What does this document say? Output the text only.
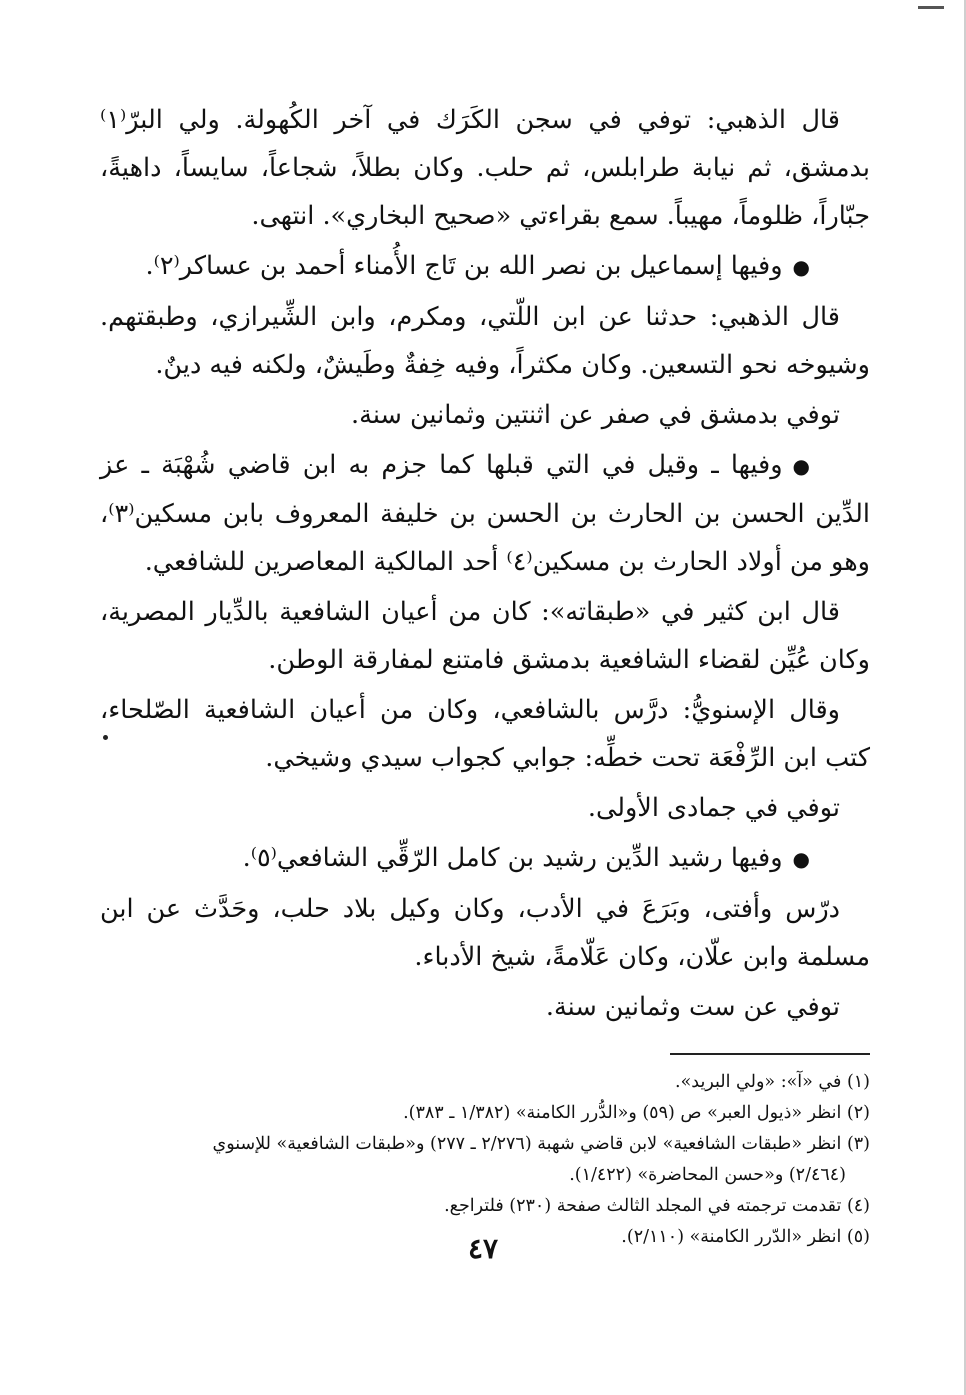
قال الذهبي: توفي في سجن الكَرَك في آخر الكُهولة. ولي البرّ⁽١⁾ بدمشق، ثم نيابة طرابلس، ثم حلب. وكان بطلاً، شجاعاً، سايساً، داهيةً، جبّاراً، ظلوماً، مهيباً. سمع بقراءتي «صحيح البخاري». انتهى.

●وفيها إسماعيل بن نصر الله بن تَاج الأُمناء أحمد بن عساكر⁽٢⁾.

قال الذهبي: حدثنا عن ابن اللّتي، ومكرم، وابن الشِّيرازي، وطبقتهم. وشيوخه نحو التسعين. وكان مكثراً، وفيه خِفةٌ وطَيشٌ، ولكنه فيه دينٌ.

توفي بدمشق في صفر عن اثنتين وثمانين سنة.

●وفيها ـ وقيل في التي قبلها كما جزم به ابن قاضي شُهْبَة ـ عز الدِّين الحسن بن الحارث بن الحسن بن خليفة المعروف بابن مسكين⁽٣⁾، وهو من أولاد الحارث بن مسكين⁽٤⁾ أحد المالكية المعاصرين للشافعي.

قال ابن كثير في «طبقاته»: كان من أعيان الشافعية بالدِّيار المصرية، وكان عُيِّن لقضاء الشافعية بدمشق فامتنع لمفارقة الوطن.

وقال الإسنويُّ: درَّس بالشافعي، وكان من أعيان الشافعية الصّلحاء، كتب ابن الرِّفْعَة تحت خطِّه: جوابي كجواب سيدي وشيخي.

توفي في جمادى الأولى.

●وفيها رشيد الدِّين رشيد بن كامل الرّقِّي الشافعي⁽٥⁾.

درّس وأفتى، وبَرَعَ في الأدب، وكان وكيل بلاد حلب، وحَدَّث عن ابن مسلمة وابن علّان، وكان عَلّامةً، شيخ الأدباء.

توفي عن ست وثمانين سنة.

(١) في «آ»: «ولي البريد».

(٢) انظر «ذيول العبر» ص (٥٩) و«الدُّرر الكامنة» (١/٣٨٢ ـ ٣٨٣).

(٣) انظر «طبقات الشافعية» لابن قاضي شهبة (٢/٢٧٦ ـ ٢٧٧) و«طبقات الشافعية» للإسنوي
(٢/٤٦٤) و«حسن المحاضرة» (١/٤٢٢).

(٤) تقدمت ترجمته في المجلد الثالث صفحة (٢٣٠) فلتراجع.

(٥) انظر «الدّرر الكامنة» (٢/١١٠).

٤٧
